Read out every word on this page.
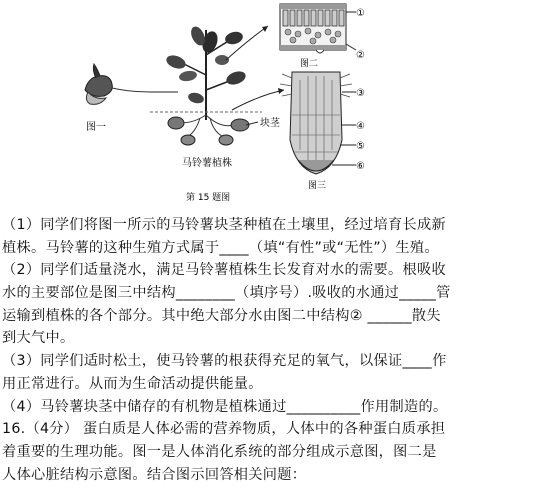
图一	块茎
马铃薯植株
①
②
图二
③
④
⑤
⑥
图三
第 15 题图
（1）同学们将图一所示的马铃薯块茎种植在土壤里，经过培育长成新
植株。马铃薯的这种生殖方式属于____（填“有性”或“无性”）生殖。
（2）同学们适量浇水，满足马铃薯植株生长发育对水的需要。根吸收
水的主要部位是图三中结构________（填序号）.吸收的水通过_____管
运输到植株的各个部分。其中绝大部分水由图二中结构② ______散失
到大气中。
（3）同学们适时松土，使马铃薯的根获得充足的氧气，以保证____作
用正常进行。从而为生命活动提供能量。
（4）马铃薯块茎中储存的有机物是植株通过__________作用制造的。
16.（4分） 蛋白质是人体必需的营养物质，人体中的各种蛋白质承担
着重要的生理功能。图一是人体消化系统的部分组成示意图，图二是
人体心脏结构示意图。结合图示回答相关问题：
